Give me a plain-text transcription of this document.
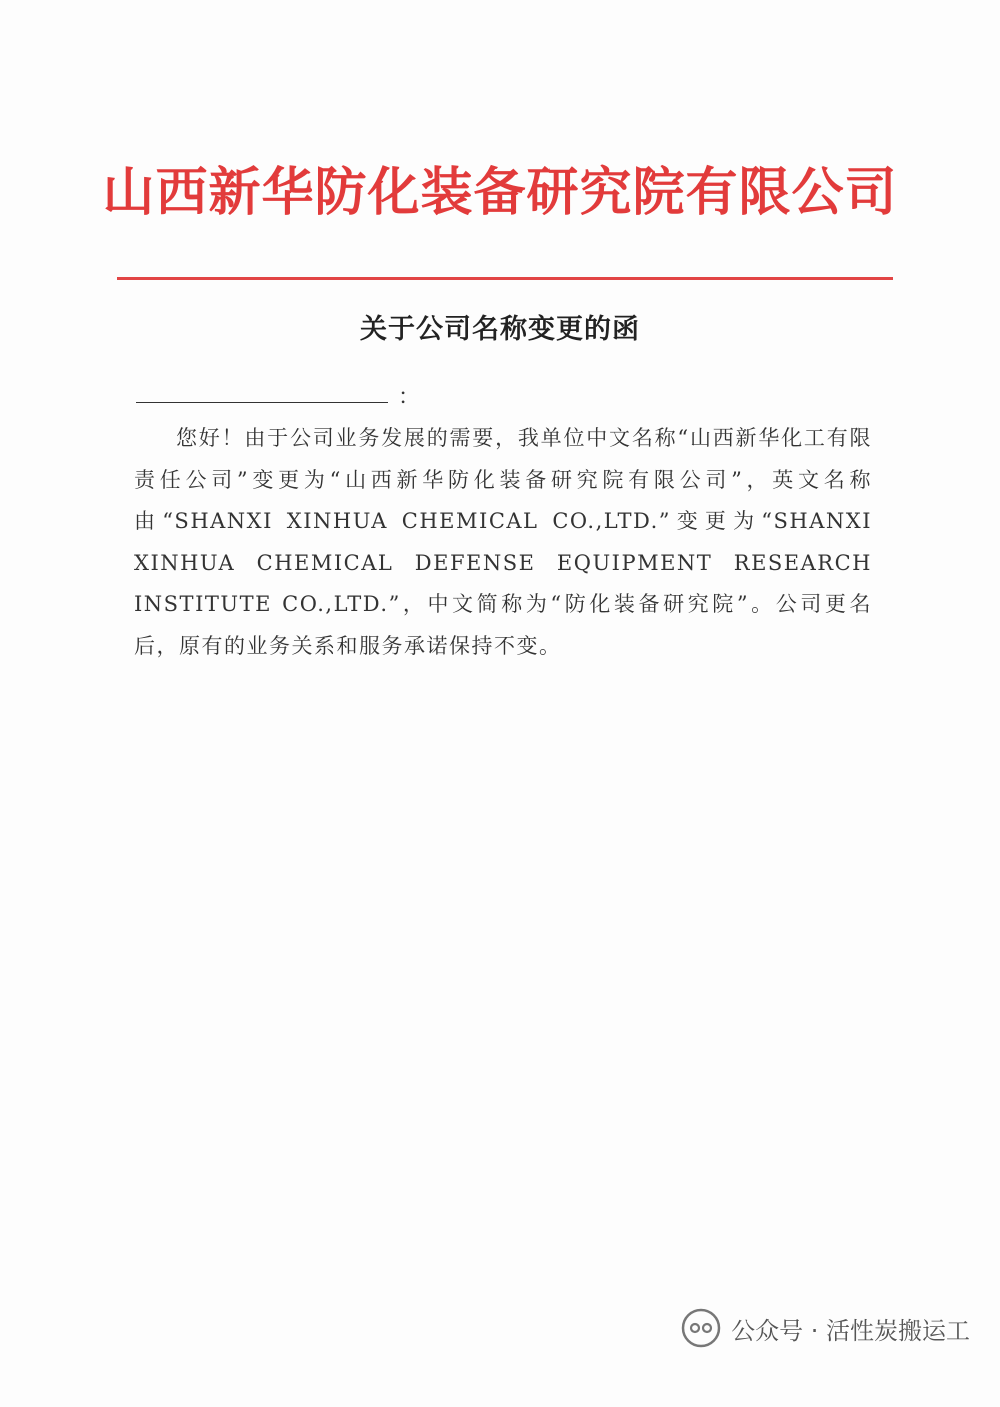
山西新华防化装备研究院有限公司
关于公司名称变更的函
：

您好！由于公司业务发展的需要，我单位中文名称“山西新华化工有限责任公司”变更为“山西新华防化装备研究院有限公司”，英文名称由“SHANXI XINHUA CHEMICAL CO.,LTD.”变更为“SHANXI XINHUA CHEMICAL DEFENSE EQUIPMENT RESEARCH INSTITUTE CO.,LTD.”，中文简称为“防化装备研究院”。公司更名后，原有的业务关系和服务承诺保持不变。

公众号 · 活性炭搬运工
